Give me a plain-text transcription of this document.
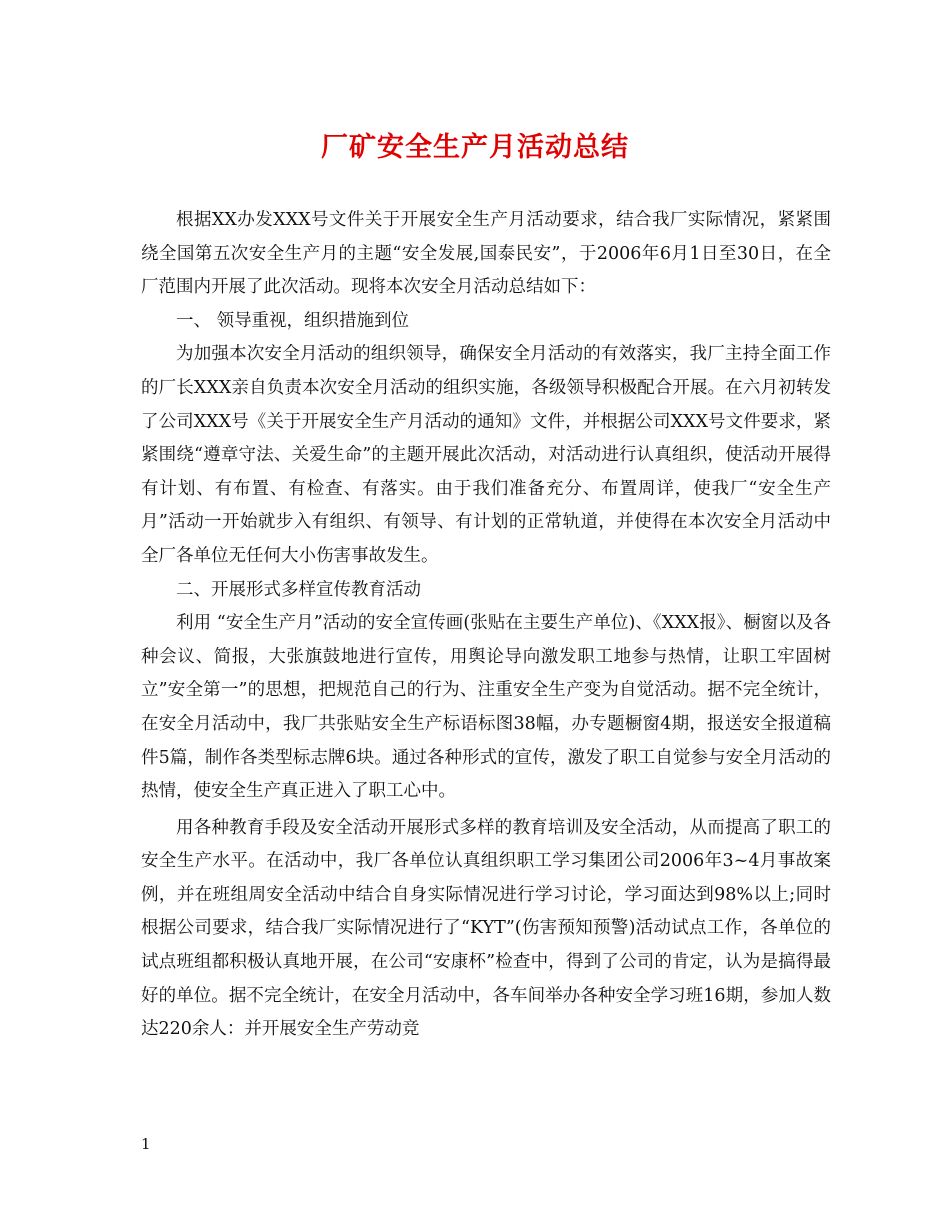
厂矿安全生产月活动总结

根据XX办发XXX号文件关于开展安全生产月活动要求，结合我厂实际情况，紧紧围绕全国第五次安全生产月的主题“安全发展,国泰民安”，于2006年6月1日至30日，在全厂范围内开展了此次活动。现将本次安全月活动总结如下：

一、 领导重视，组织措施到位

为加强本次安全月活动的组织领导，确保安全月活动的有效落实，我厂主持全面工作的厂长XXX亲自负责本次安全月活动的组织实施，各级领导积极配合开展。在六月初转发了公司XXX号《关于开展安全生产月活动的通知》文件，并根据公司XXX号文件要求，紧紧围绕“遵章守法、关爱生命”的主题开展此次活动，对活动进行认真组织，使活动开展得有计划、有布置、有检查、有落实。由于我们准备充分、布置周详，使我厂“安全生产月”活动一开始就步入有组织、有领导、有计划的正常轨道，并使得在本次安全月活动中全厂各单位无任何大小伤害事故发生。

二、开展形式多样宣传教育活动

利用 “安全生产月”活动的安全宣传画(张贴在主要生产单位)、《XXX报》、橱窗以及各种会议、简报，大张旗鼓地进行宣传，用舆论导向激发职工地参与热情，让职工牢固树立”安全第一”的思想，把规范自己的行为、注重安全生产变为自觉活动。据不完全统计，在安全月活动中，我厂共张贴安全生产标语标图38幅，办专题橱窗4期，报送安全报道稿件5篇，制作各类型标志牌6块。通过各种形式的宣传，激发了职工自觉参与安全月活动的热情，使安全生产真正进入了职工心中。

用各种教育手段及安全活动开展形式多样的教育培训及安全活动，从而提高了职工的安全生产水平。在活动中，我厂各单位认真组织职工学习集团公司2006年3~4月事故案例，并在班组周安全活动中结合自身实际情况进行学习讨论，学习面达到98%以上;同时根据公司要求，结合我厂实际情况进行了“KYT”(伤害预知预警)活动试点工作，各单位的试点班组都积极认真地开展，在公司“安康杯”检查中，得到了公司的肯定，认为是搞得最好的单位。据不完全统计，在安全月活动中，各车间举办各种安全学习班16期，参加人数达220余人：并开展安全生产劳动竞

1
